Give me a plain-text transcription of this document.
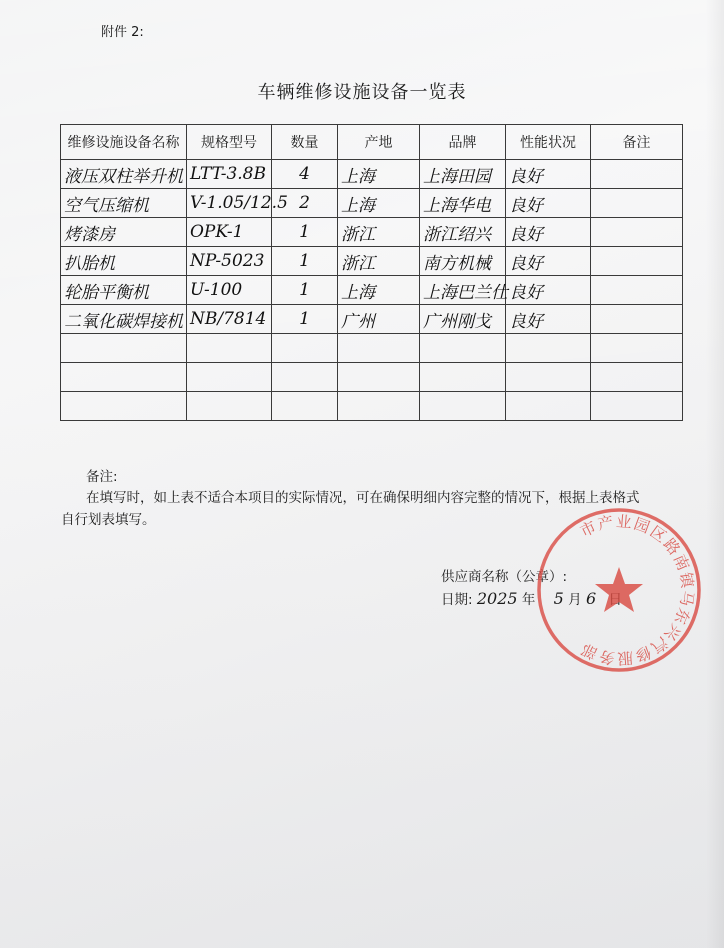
附件 2:
车辆维修设施设备一览表
维修设施设备名称	规格型号	数量	产地	品牌	性能状况	备注
液压双柱举升机	LTT-3.8B	4	上海	上海田园	良好	
空气压缩机	V-1.05/12.5	2	上海	上海华电	良好	
烤漆房	OPK-1	1	浙江	浙江绍兴	良好	
扒胎机	NP-5023	1	浙江	南方机械	良好	
轮胎平衡机	U-100	1	上海	上海巴兰仕	良好	
二氧化碳焊接机	NB/7814	1	广州	广州刚戈	良好	

备注:
在填写时，如上表不适合本项目的实际情况，可在确保明细内容完整的情况下，根据上表格式
自行划表填写。
供应商名称（公章）:
日期: 2025 年 5 月 6
市产业园区路南镇马东兴汽修服务部
